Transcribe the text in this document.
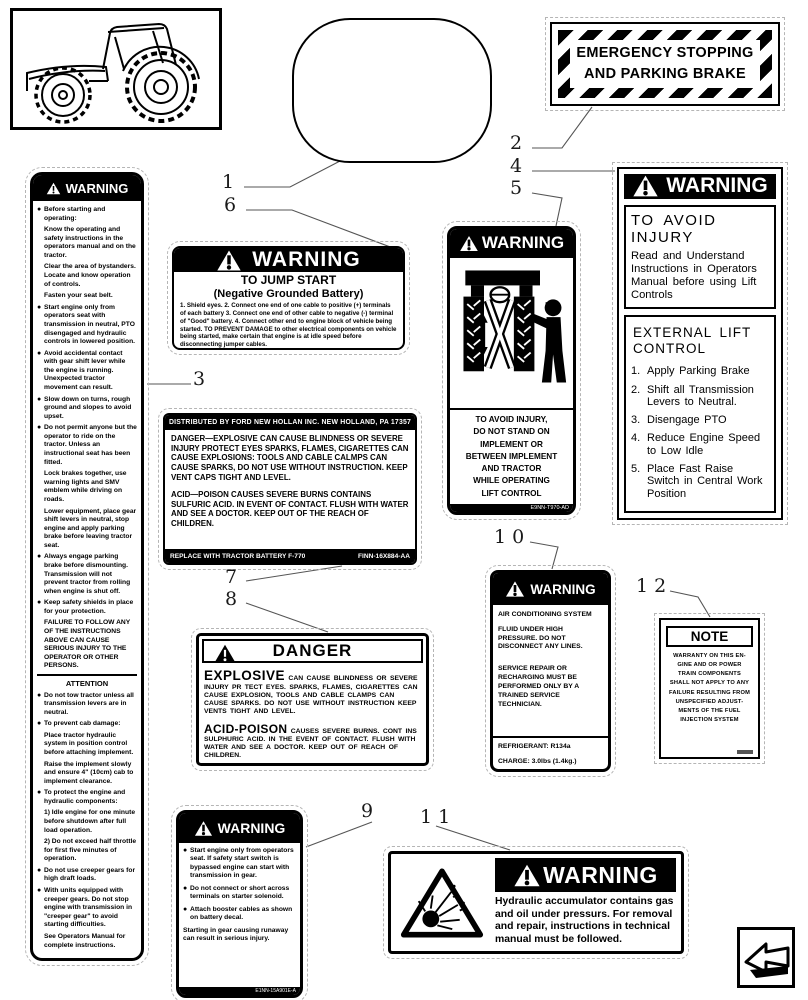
EMERGENCY STOPPING
AND PARKING BRAKE
WARNING
● Before starting and operating:
Know the operating and safety instructions in the operators manual and on the tractor.
Clear the area of bystanders. Locate and know operation of controls.
Fasten your seat belt.
● Start engine only from operators seat with transmission in neutral, PTO disengaged and hydraulic controls in lowered position.
● Avoid accidental contact with gear shift lever while the engine is running. Unexpected tractor movement can result.
● Slow down on turns, rough ground and slopes to avoid upset.
● Do not permit anyone but the operator to ride on the tractor. Unless an instructional seat has been fitted.
Lock brakes together, use warning lights and SMV emblem while driving on roads.
Lower equipment, place gear shift levers in neutral, stop engine and apply parking brake before leaving tractor seat.
● Always engage parking brake before dismounting. Transmission will not prevent tractor from rolling when engine is shut off.
● Keep safety shields in place for your protection.
FAILURE TO FOLLOW ANY OF THE INSTRUCTIONS ABOVE CAN CAUSE SERIOUS INJURY TO THE OPERATOR OR OTHER PERSONS.
ATTENTION
● Do not tow tractor unless all transmission levers are in neutral.
● To prevent cab damage:
Place tractor hydraulic system in position control before attaching implement.
Raise the implement slowly and ensure 4" (10cm) cab to implement clearance.
● To protect the engine and hydraulic components:
1) Idle engine for one minute before shutdown after full load operation.
2) Do not exceed half throttle for first five minutes of operation.
● Do not use creeper gears for high draft loads.
● With units equipped with creeper gears. Do not stop engine with transmission in "creeper gear" to avoid starting difficulties.
See Operators Manual for complete instructions.
WARNING
TO JUMP START
(Negative Grounded Battery)
1. Shield eyes. 2. Connect one end of one cable to positive (+) terminals of each battery 3. Connect one end of other cable to negative (-) terminal of "Good" battery. 4. Connect other end to engine block of vehicle being started. TO PREVENT DAMAGE to other electrical components on vehicle being started, make certain that engine is at idle speed before disconnecting jumper cables.
WARNING
TO AVOID INJURY,
DO NOT STAND ON
IMPLEMENT OR
BETWEEN IMPLEMENT
AND TRACTOR
WHILE OPERATING
LIFT CONTROL
E9NN-T970-AD
WARNING
TO AVOID INJURY
Read and Understand Instructions in Operators Manual before using Lift Controls
EXTERNAL LIFT CONTROL
1. Apply Parking Brake
2. Shift all Transmission Levers to Neutral.
3. Disengage PTO
4. Reduce Engine Speed to Low Idle
5. Place Fast Raise Switch in Central Work Position
DISTRIBUTED BY FORD NEW HOLLAN INC. NEW HOLLAND, PA 17357
DANGER—EXPLOSIVE CAN CAUSE BLINDNESS OR SEVERE INJURY PROTECT EYES SPARKS, FLAMES, CIGARETTES CAN CAUSE EXPLOSIONS: TOOLS AND CABLE CALMPS CAN CAUSE SPARKS, DO NOT USE WITHOUT INSTRUCTION. KEEP VENT CAPS TIGHT AND LEVEL.
ACID—POISON CAUSES SEVERE BURNS CONTAINS SULFURIC ACID. IN EVENT OF CONTACT. FLUSH WITH WATER AND SEE A DOCTOR. KEEP OUT OF THE REACH OF CHILDREN.
REPLACE WITH TRACTOR BATTERY F-770	FINN-16X884-AA
DANGER
EXPLOSIVE CAN CAUSE BLINDNESS OR SEVERE INJURY PR TECT EYES. SPARKS, FLAMES, CIGARETTES CAN CAUSE EXPLOSION, TOOLS AND CABLE CLAMPS CAN CAUSE SPARKS. DO NOT USE WITHOUT INSTRUCTION KEEP VENTS TIGHT AND LEVEL.
ACID-POISON CAUSES SEVERE BURNS. CONT INS SULPHURIC ACID. IN THE EVENT OF CONTACT. FLUSH WITH WATER AND SEE A DOCTOR. KEEP OUT OF REACH OF CHILDREN.
WARNING
AIR CONDITIONING SYSTEM
FLUID UNDER HIGH PRESSURE. DO NOT DISCONNECT ANY LINES.
SERVICE REPAIR OR RECHARGING MUST BE PERFORMED ONLY BY A TRAINED SERVICE TECHNICIAN.
REFRIGERANT: R134a
CHARGE: 3.0lbs (1.4kg.)
NOTE
WARRANTY ON THIS EN-
GINE AND OR POWER
TRAIN COMPONENTS
SHALL NOT APPLY TO ANY
FAILURE RESULTING FROM
UNSPECIFIED ADJUST-
MENTS OF THE FUEL
INJECTION SYSTEM
WARNING
● Start engine only from operators seat. If safety start switch is bypassed engine can start with transmission in gear.
● Do not connect or short across terminals on starter solenoid.
● Attach booster cables as shown on battery decal.
Starting in gear causing runaway can result in serious injury.
E1NN-15A901E-A
WARNING
Hydraulic accumulator contains gas and oil under pressurs. For removal and repair, instructions in technical manual must be followed.
1
6
2
4
5
3
7
8
1 0
1 2
9 1 1
